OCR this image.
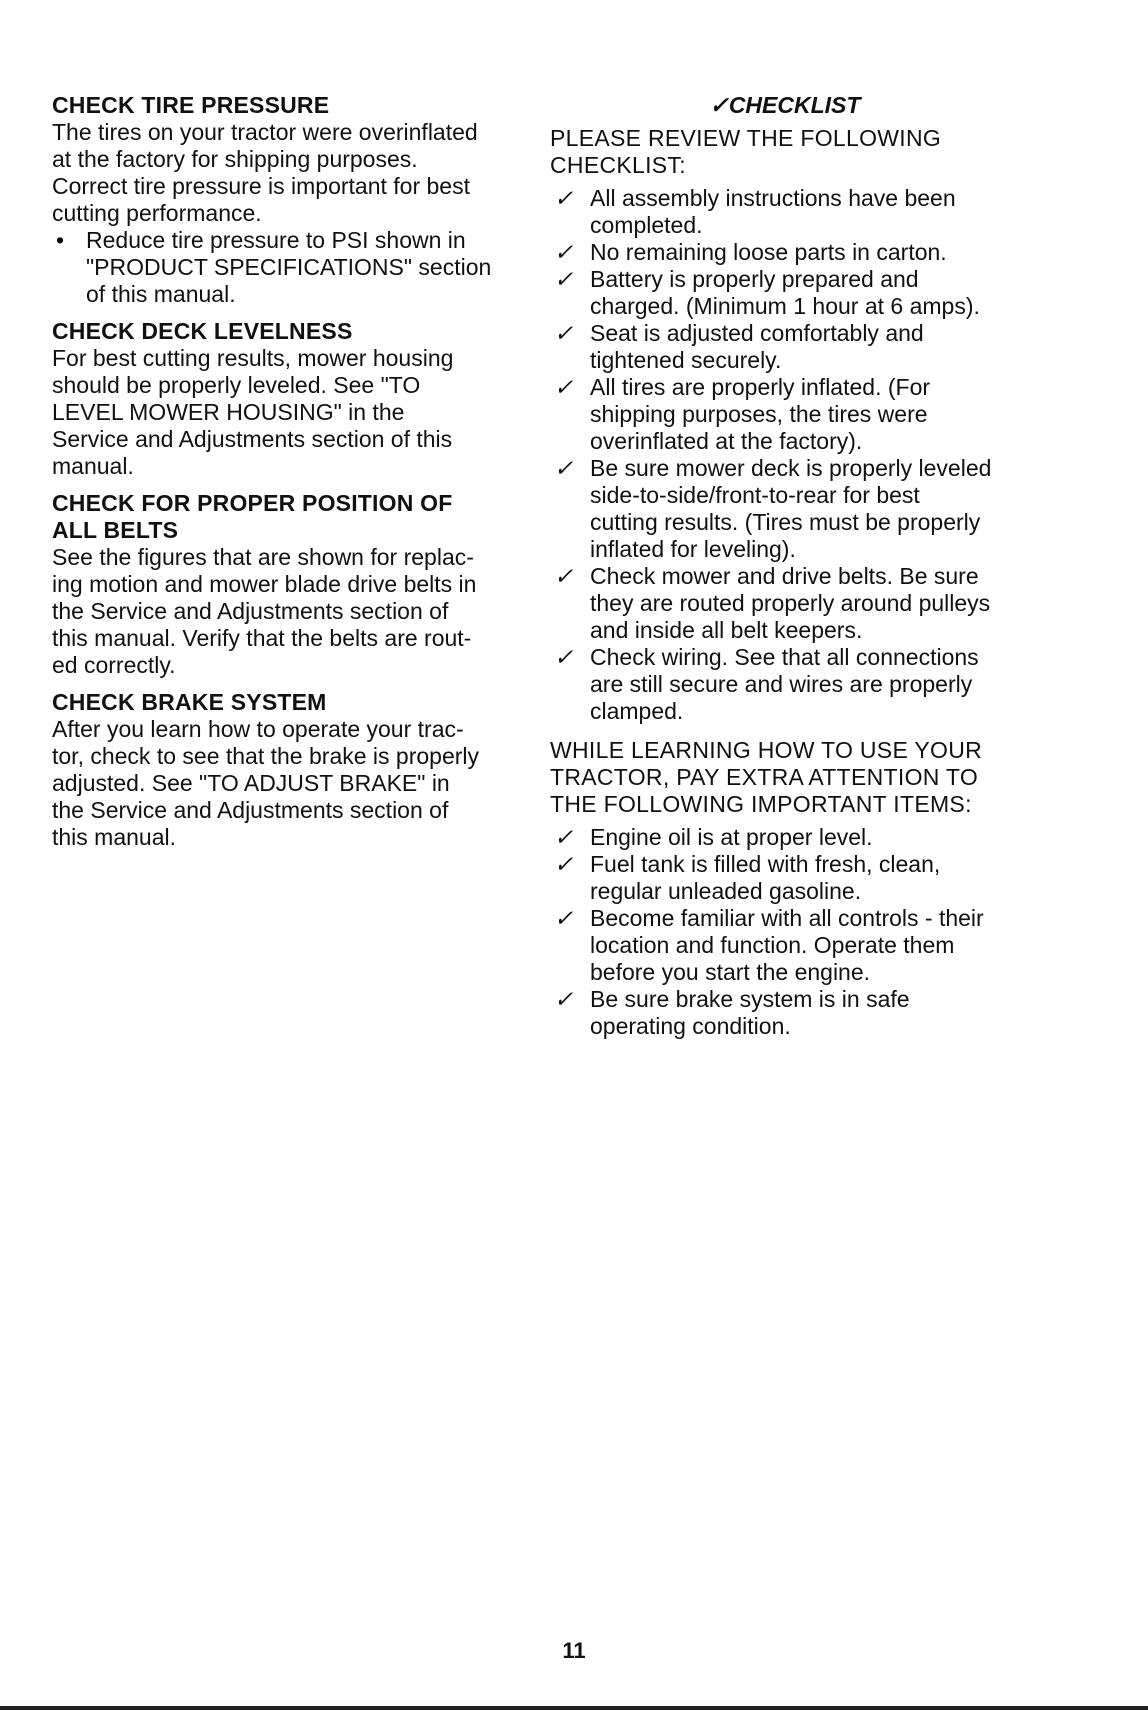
CHECK TIRE PRESSURE

The tires on your tractor were overinflated

at the factory for shipping purposes.

Correct tire pressure is important for best

cutting performance.

• Reduce tire pressure to PSI shown in
"PRODUCT SPECIFICATIONS" section
of this manual.

CHECK DECK LEVELNESS

For best cutting results, mower housing

should be properly leveled. See "TO

LEVEL MOWER HOUSING" in the

Service and Adjustments section of this

manual.

CHECK FOR PROPER POSITION OF

ALL BELTS

See the figures that are shown for replac-

ing motion and mower blade drive belts in

the Service and Adjustments section of

this manual. Verify that the belts are rout-

ed correctly.

CHECK BRAKE SYSTEM

After you learn how to operate your trac-

tor, check to see that the brake is properly

adjusted. See "TO ADJUST BRAKE" in

the Service and Adjustments section of

this manual.

✓CHECKLIST

PLEASE REVIEW THE FOLLOWING

CHECKLIST:

✓ All assembly instructions have been
completed.
✓ No remaining loose parts in carton.
✓ Battery is properly prepared and
charged. (Minimum 1 hour at 6 amps).
✓ Seat is adjusted comfortably and
tightened securely.
✓ All tires are properly inflated. (For
shipping purposes, the tires were
overinflated at the factory).
✓ Be sure mower deck is properly leveled
side-to-side/front-to-rear for best
cutting results. (Tires must be properly
inflated for leveling).
✓ Check mower and drive belts. Be sure
they are routed properly around pulleys
and inside all belt keepers.
✓ Check wiring. See that all connections
are still secure and wires are properly
clamped.

WHILE LEARNING HOW TO USE YOUR

TRACTOR, PAY EXTRA ATTENTION TO

THE FOLLOWING IMPORTANT ITEMS:

✓ Engine oil is at proper level.
✓ Fuel tank is filled with fresh, clean,
regular unleaded gasoline.
✓ Become familiar with all controls - their
location and function. Operate them
before you start the engine.
✓ Be sure brake system is in safe
operating condition.
11
